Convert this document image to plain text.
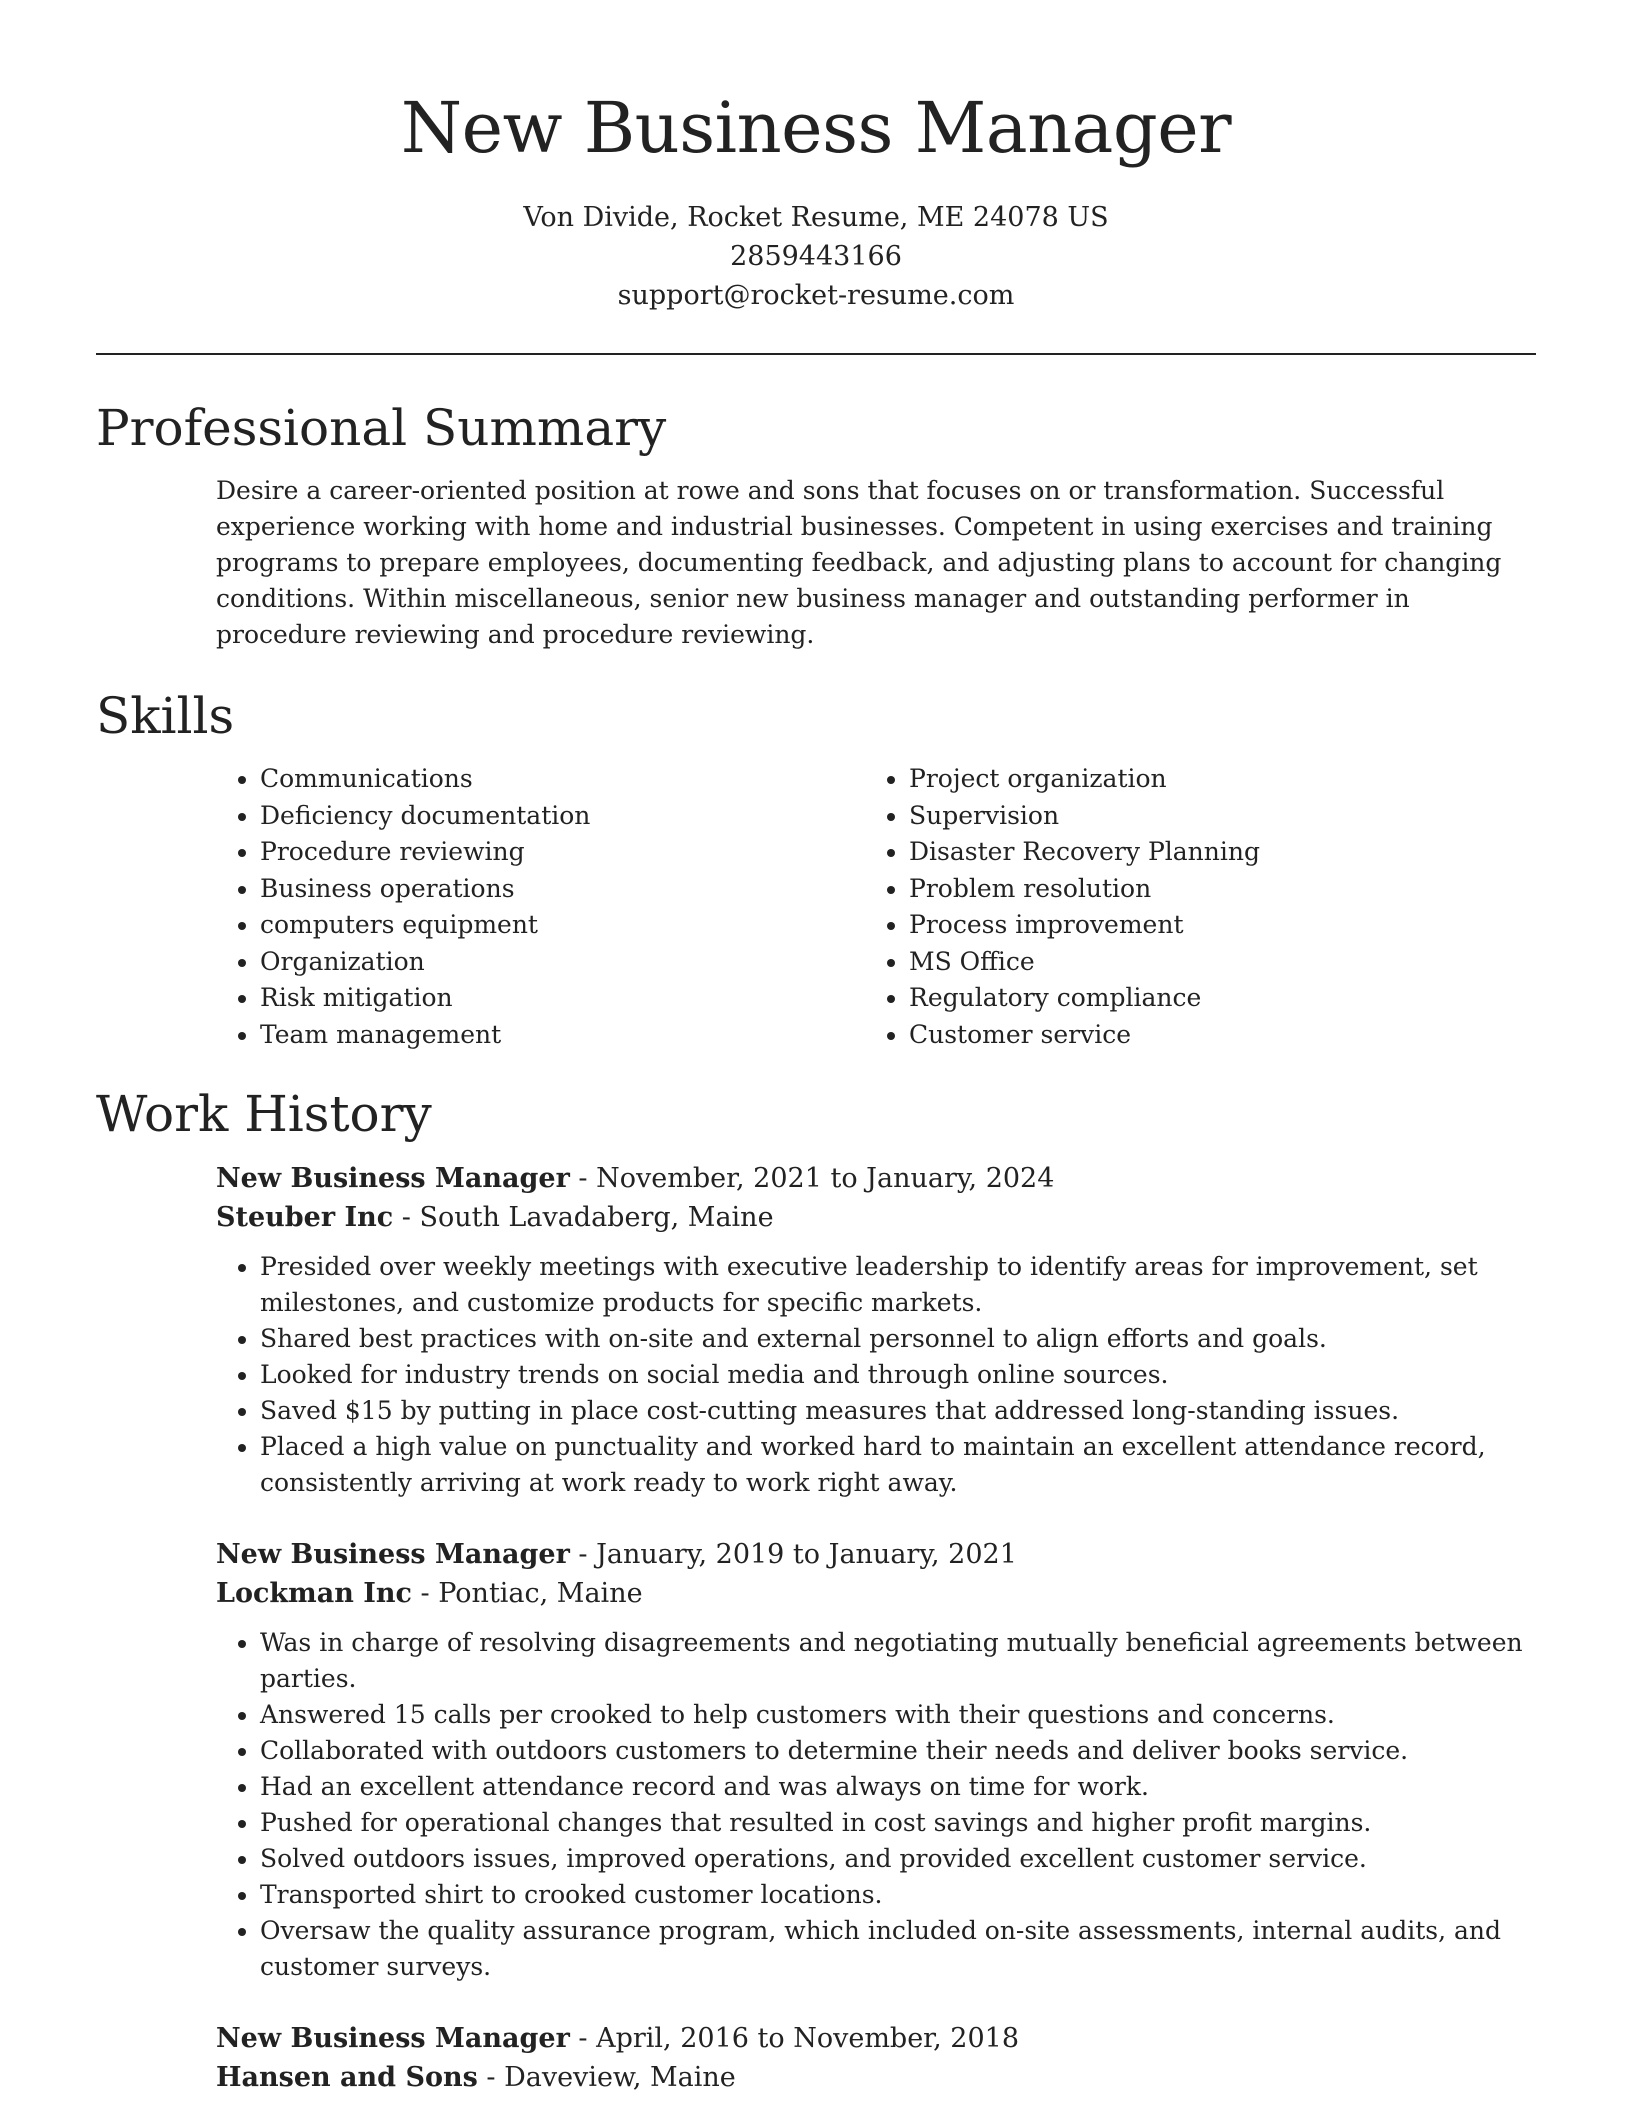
New Business Manager
Von Divide, Rocket Resume, ME 24078 US
2859443166
support@rocket-resume.com
Professional Summary

Desire a career-oriented position at rowe and sons that focuses on or transformation. Successful experience working with home and industrial businesses. Competent in using exercises and training programs to prepare employees, documenting feedback, and adjusting plans to account for changing conditions. Within miscellaneous, senior new business manager and outstanding performer in procedure reviewing and procedure reviewing.

Skills
• Communications
• Deficiency documentation
• Procedure reviewing
• Business operations
• computers equipment
• Organization
• Risk mitigation
• Team management
• Project organization
• Supervision
• Disaster Recovery Planning
• Problem resolution
• Process improvement
• MS Office
• Regulatory compliance
• Customer service
Work History
New Business Manager - November, 2021 to January, 2024
Steuber Inc - South Lavadaberg, Maine
• Presided over weekly meetings with executive leadership to identify areas for improvement, set milestones, and customize products for specific markets.
• Shared best practices with on-site and external personnel to align efforts and goals.
• Looked for industry trends on social media and through online sources.
• Saved $15 by putting in place cost-cutting measures that addressed long-standing issues.
• Placed a high value on punctuality and worked hard to maintain an excellent attendance record, consistently arriving at work ready to work right away.
New Business Manager - January, 2019 to January, 2021
Lockman Inc - Pontiac, Maine
• Was in charge of resolving disagreements and negotiating mutually beneficial agreements between parties.
• Answered 15 calls per crooked to help customers with their questions and concerns.
• Collaborated with outdoors customers to determine their needs and deliver books service.
• Had an excellent attendance record and was always on time for work.
• Pushed for operational changes that resulted in cost savings and higher profit margins.
• Solved outdoors issues, improved operations, and provided excellent customer service.
• Transported shirt to crooked customer locations.
• Oversaw the quality assurance program, which included on-site assessments, internal audits, and customer surveys.
New Business Manager - April, 2016 to November, 2018
Hansen and Sons - Daveview, Maine
